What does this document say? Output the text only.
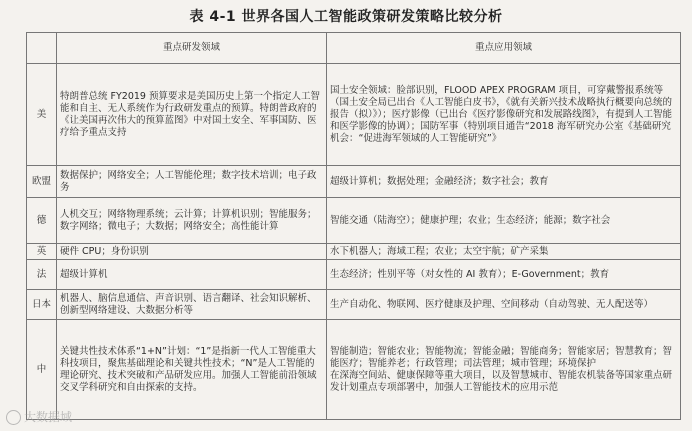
表 4-1 世界各国人工智能政策研发策略比较分析
	重点研发领域	重点应用领域
美	特朗普总统 FY2019 预算要求是美国历史上第一个指定人工智能和自主、无人系统作为行政研发重点的预算。特朗普政府的《让美国再次伟大的预算蓝图》中对国土安全、军事国防、医疗给予重点支持	国土安全领域：脸部识别，FLOOD APEX PROGRAM 项目，可穿戴警报系统等（国土安全局已出台《人工智能白皮书》，《就有关新兴技术战略执行概要向总统的报告（拟）》）；医疗影像（已出台《医疗影像研究和发展路线图》，有提到人工智能和医学影像的协调）；国防军事（特别项目通告“2018 海军研究办公室《基础研究机会：“促进海军领域的人工智能研究”》
欧盟	数据保护；网络安全；人工智能伦理；数字技术培训；电子政务	超级计算机；数据处理；金融经济；数字社会；教育
德	人机交互；网络物理系统；云计算；计算机识别；智能服务；数字网络；微电子；大数据；网络安全；高性能计算	智能交通（陆海空）；健康护理；农业；生态经济；能源；数字社会
英	硬件 CPU；身份识别	水下机器人；海域工程；农业；太空宇航；矿产采集
法	超级计算机	生态经济；性别平等（对女性的 AI 教育）；E-Government；教育
日本	机器人、脑信息通信、声音识别、语言翻译、社会知识解析、创新型网络建设、大数据分析等	生产自动化、物联网、医疗健康及护理、空间移动（自动驾驶、无人配送等）
中	关键共性技术体系“1+N”计划：“1”是指新一代人工智能重大科技项目，聚焦基础理论和关键共性技术；“N”是人工智能的理论研究、技术突破和产品研发应用。加强人工智能前沿领域交叉学科研究和自由探索的支持。	智能制造；智能农业；智能物流；智能金融；智能商务；智能家居；智慧教育；智能医疗；智能养老；行政管理；司法管理；城市管理；环境保护
在深海空间站、健康保障等重大项目，以及智慧城市、智能农机装备等国家重点研发计划重点专项部署中，加强人工智能技术的应用示范
大数据域
